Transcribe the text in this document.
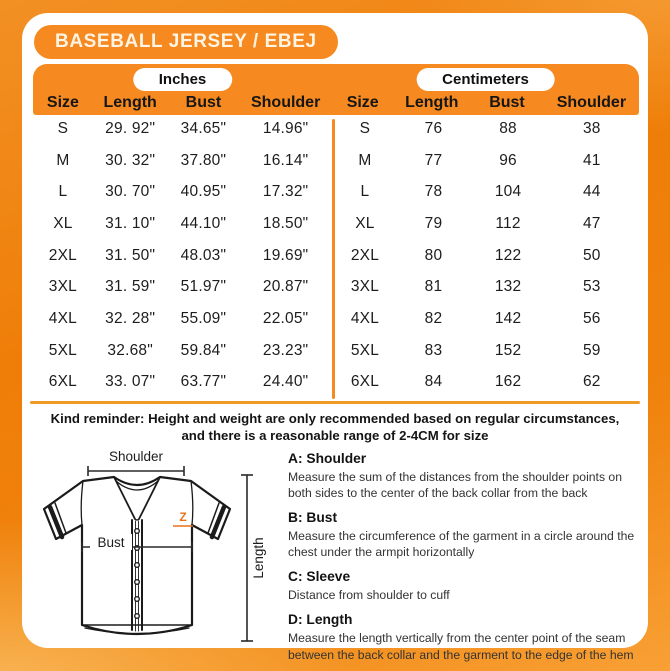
BASEBALL JERSEY / EBEJ
Inches
Size	Length	Bust	Shoulder
Centimeters
Size	Length	Bust	Shoulder
S	29. 92"	34.65"	14.96"
M	30. 32"	37.80"	16.14"
L	30. 70"	40.95"	17.32"
XL	31. 10"	44.10"	18.50"
2XL	31. 50"	48.03"	19.69"
3XL	31. 59"	51.97"	20.87"
4XL	32. 28"	55.09"	22.05"
5XL	32.68"	59.84"	23.23"
6XL	33. 07"	63.77"	24.40"
S	76	88	38
M	77	96	41
L	78	104	44
XL	79	112	47
2XL	80	122	50
3XL	81	132	53
4XL	82	142	56
5XL	83	152	59
6XL	84	162	62
Kind reminder: Height and weight are only recommended based on regular circumstances, and there is a reasonable range of 2-4CM for size
Shoulder
Z
Bust	Length
A: Shoulder
Measure the sum of the distances from the shoulder points on both sides to the center of the back collar from the back
B: Bust
Measure the circumference of the garment in a circle around the chest under the armpit horizontally
C: Sleeve
Distance from shoulder to cuff
D: Length
Measure the length vertically from the center point of the seam between the back collar and the garment to the edge of the hem
